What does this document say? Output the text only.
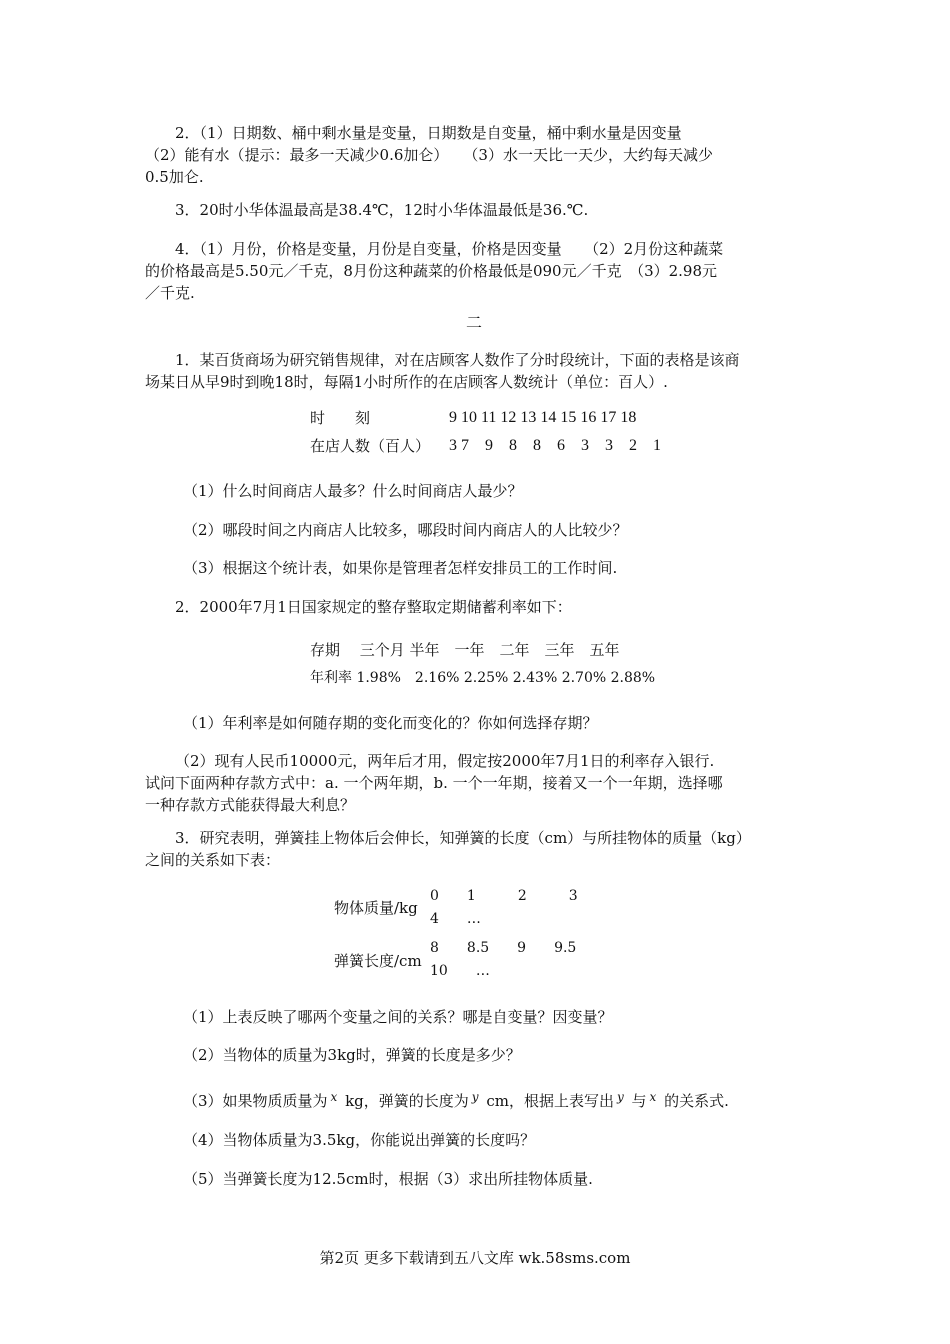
2．（1）日期数、桶中剩水量是变量，日期数是自变量，桶中剩水量是因变量

（2）能有水（提示：最多一天减少0.6加仑）　　（3）水一天比一天少，大约每天减少
0.5加仑.
3．20时小华体温最高是38.4℃，12时小华体温最低是36.℃.
4．（1）月份，价格是变量，月份是自变量，价格是因变量　　（2）2月份这种蔬菜
的价格最高是5.50元／千克，8月份这种蔬菜的价格最低是090元／千克　（3）2.98元
／千克.
二
1．某百货商场为研究销售规律，对在店顾客人数作了分时段统计，下面的表格是该商
场某日从早9时到晚18时，每隔1小时所作的在店顾客人数统计（单位：百人）.
时　　刻	9 10 11 12 13 14 15 16 17 18
在店人数（百人） 3 7　9　8　8　6　3　3　2　1
（1）什么时间商店人最多？什么时间商店人最少？
（2）哪段时间之内商店人比较多，哪段时间内商店人的人比较少？
（3）根据这个统计表，如果你是管理者怎样安排员工的工作时间.
2．2000年7月1日国家规定的整存整取定期储蓄利率如下：
存期　 三个月 半年　一年　二年　三年　五年
年利率 1.98%　2.16% 2.25% 2.43% 2.70% 2.88%
（1）年利率是如何随存期的变化而变化的？你如何选择存期？
（2）现有人民币10000元，两年后才用，假定按2000年7月1日的利率存入银行.
试问下面两种存款方式中：a. 一个两年期，b. 一个一年期，接着又一个一年期，选择哪
一种存款方式能获得最大利息？
3．研究表明，弹簧挂上物体后会伸长，知弹簧的长度（cm）与所挂物体的质量（kg）
之间的关系如下表：
物体质量/kg
0　　1　　　2　　　3
4　　…
弹簧长度/cm
8　　8.5　　9　　9.5
10　　…
（1）上表反映了哪两个变量之间的关系？哪是自变量？因变量？
（2）当物体的质量为3kg时，弹簧的长度是多少？
（3）如果物质质量为 $^x$ kg，弹簧的长度为 $^y$ cm，根据上表写出 $^y$ 与 $^x$ 的关系式.
（4）当物体质量为3.5kg，你能说出弹簧的长度吗？
（5）当弹簧长度为12.5cm时，根据（3）求出所挂物体质量.
第2页 更多下载请到五八文库 wk.58sms.com
